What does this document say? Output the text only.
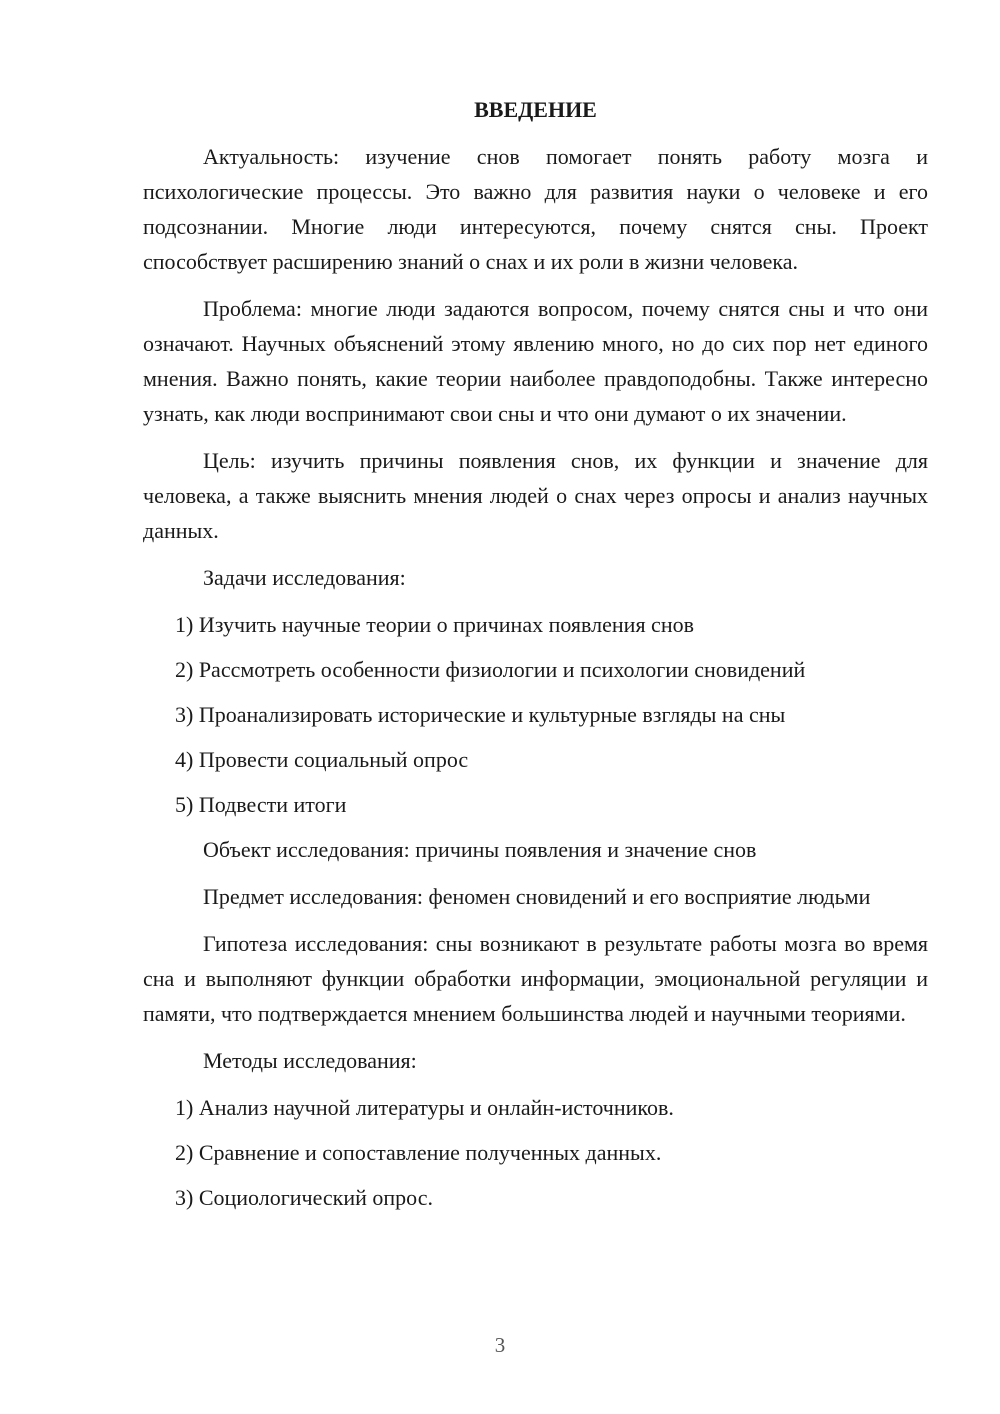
ВВЕДЕНИЕ

Актуальность: изучение снов помогает понять работу мозга и психологические процессы. Это важно для развития науки о человеке и его подсознании. Многие люди интересуются, почему снятся сны. Проект способствует расширению знаний о снах и их роли в жизни человека.

Проблема: многие люди задаются вопросом, почему снятся сны и что они означают. Научных объяснений этому явлению много, но до сих пор нет единого мнения. Важно понять, какие теории наиболее правдоподобны. Также интересно узнать, как люди воспринимают свои сны и что они думают о их значении.

Цель: изучить причины появления снов, их функции и значение для человека, а также выяснить мнения людей о снах через опросы и анализ научных данных.

Задачи исследования:

1) Изучить научные теории о причинах появления снов
2) Рассмотреть особенности физиологии и психологии сновидений
3) Проанализировать исторические и культурные взгляды на сны
4) Провести социальный опрос
5) Подвести итоги

Объект исследования: причины появления и значение снов

Предмет исследования: феномен сновидений и его восприятие людьми

Гипотеза исследования: сны возникают в результате работы мозга во время сна и выполняют функции обработки информации, эмоциональной регуляции и памяти, что подтверждается мнением большинства людей и научными теориями.

Методы исследования:

1) Анализ научной литературы и онлайн-источников.
2) Сравнение и сопоставление полученных данных.
3) Социологический опрос.
3
